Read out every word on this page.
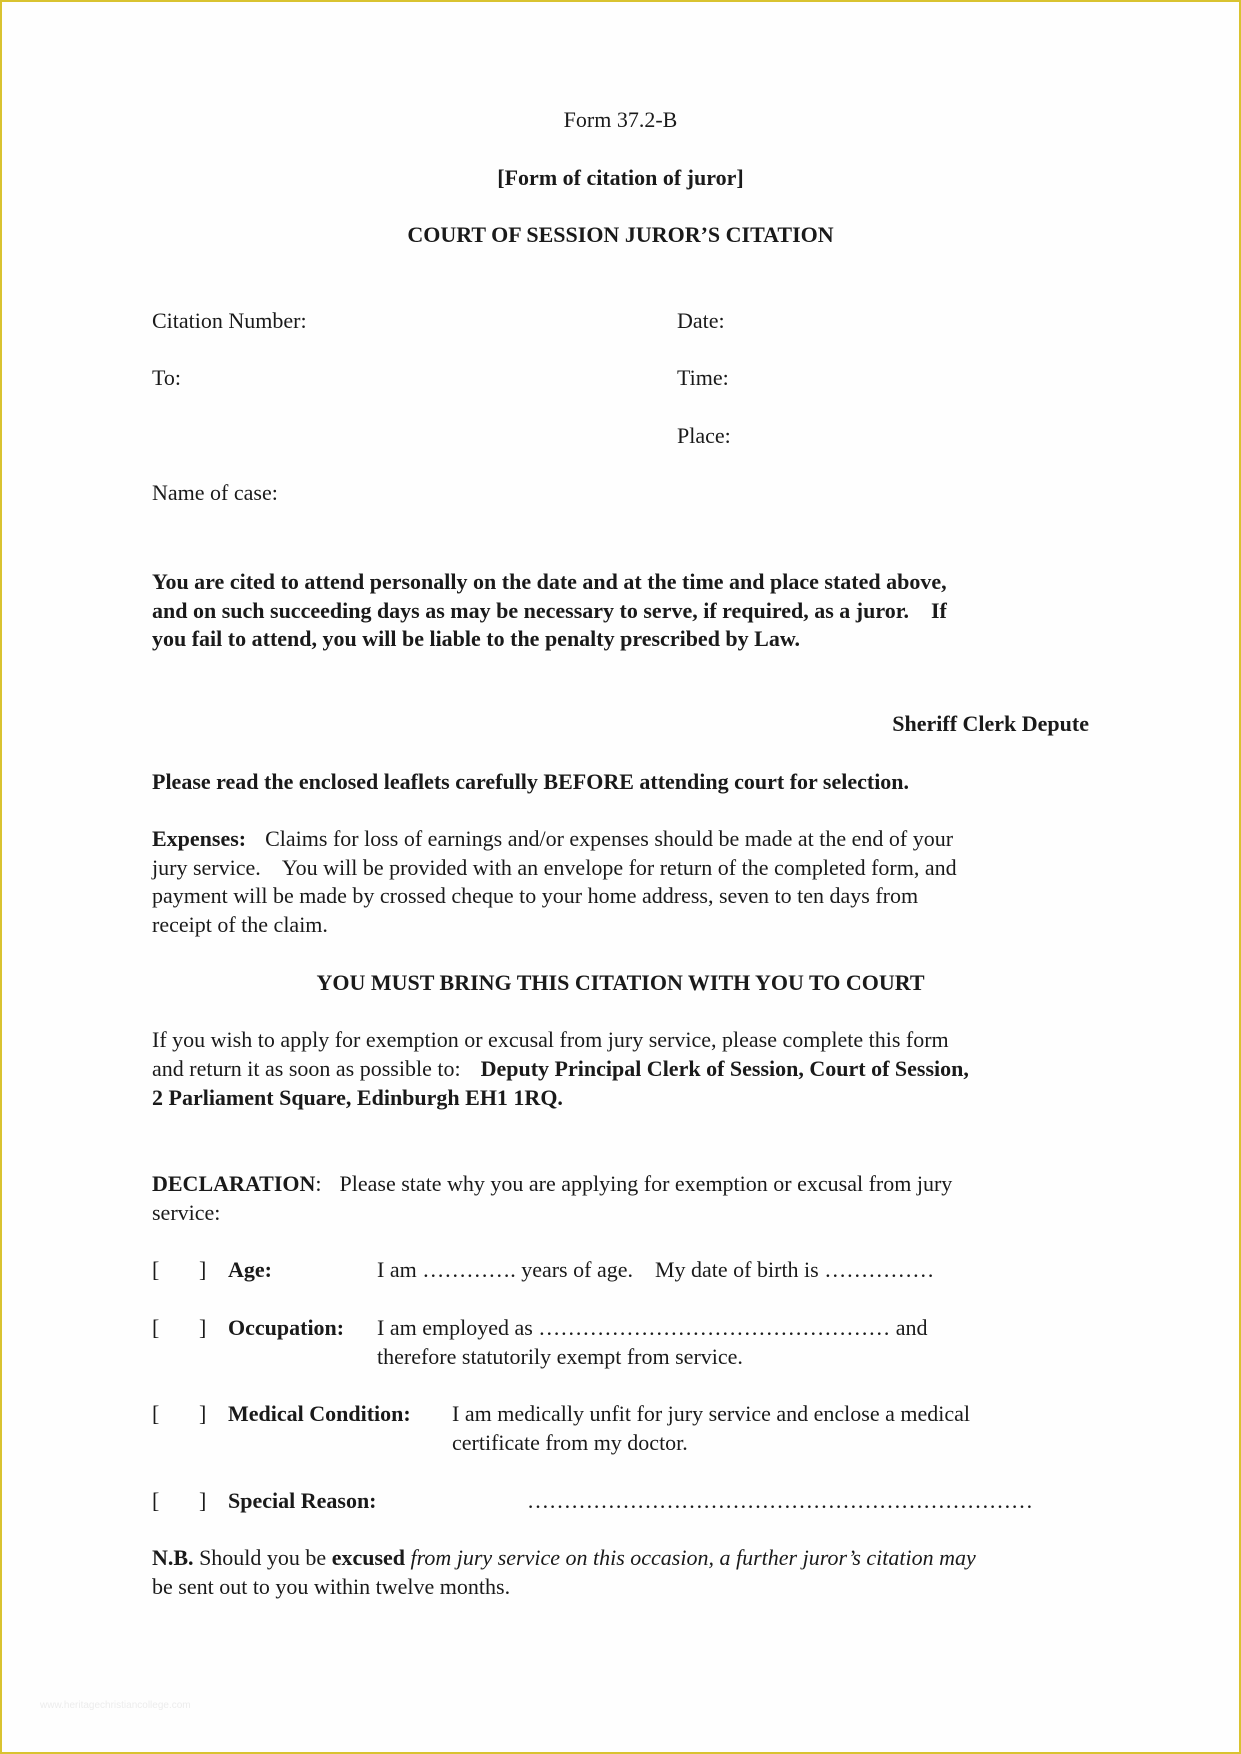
Form 37.2-B
[Form of citation of juror]
COURT OF SESSION JUROR’S CITATION
Citation Number:	Date:
To:	Time:
Place:
Name of case:
You are cited to attend personally on the date and at the time and place stated above,
and on such succeeding days as may be necessary to serve, if required, as a juror.    If
you fail to attend, you will be liable to the penalty prescribed by Law.
Sheriff Clerk Depute
Please read the enclosed leaflets carefully BEFORE attending court for selection.
Expenses: Claims for loss of earnings and/or expenses should be made at the end of your
jury service.    You will be provided with an envelope for return of the completed form, and
payment will be made by crossed cheque to your home address, seven to ten days from
receipt of the claim.
YOU MUST BRING THIS CITATION WITH YOU TO COURT
If you wish to apply for exemption or excusal from jury service, please complete this form
and return it as soon as possible to: Deputy Principal Clerk of Session, Court of Session,
2 Parliament Square, Edinburgh EH1 1RQ.
DECLARATION: Please state why you are applying for exemption or excusal from jury
service:
[ ] Age:	I am …………. years of age.    My date of birth is ……………
[ ] Occupation: I am employed as ………………………………………… and
therefore statutorily exempt from service.
[ ] Medical Condition: I am medically unfit for jury service and enclose a medical
certificate from my doctor.
[ ] Special Reason:	……………………………………………………………
N.B. Should you be excused from jury service on this occasion, a further juror’s citation may
be sent out to you within twelve months.
www.heritagechristiancollege.com
